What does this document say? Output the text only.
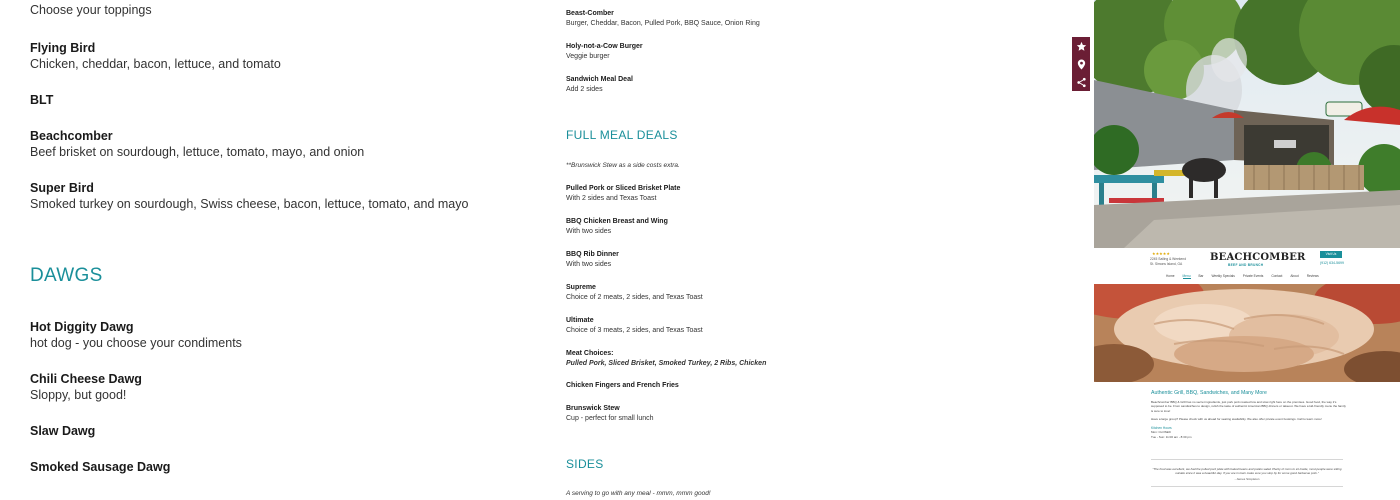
Choose your toppings
Flying Bird
Chicken, cheddar, bacon, lettuce, and tomato
BLT
Beachcomber
Beef brisket on sourdough, lettuce, tomato, mayo, and onion
Super Bird
Smoked turkey on sourdough, Swiss cheese, bacon, lettuce, tomato, and mayo
DAWGS
Hot Diggity Dawg
hot dog - you choose your condiments
Chili Cheese Dawg
Sloppy, but good!
Slaw Dawg
Smoked Sausage Dawg
Beast-Comber
Burger, Cheddar, Bacon, Pulled Pork, BBQ Sauce, Onion Ring
Holy-not-a-Cow Burger
Veggie burger
Sandwich Meal Deal
Add 2 sides
FULL MEAL DEALS
**Brunswick Stew as a side costs extra.
Pulled Pork or Sliced Brisket Plate
With 2 sides and Texas Toast
BBQ Chicken Breast and Wing
With two sides
BBQ Rib Dinner
With two sides
Supreme
Choice of 2 meats, 2 sides, and Texas Toast
Ultimate
Choice of 3 meats, 2 sides, and Texas Toast
Meat Choices:
Pulled Pork, Sliced Brisket, Smoked Turkey, 2 Ribs, Chicken
Chicken Fingers and French Fries
Brunswick Stew
Cup - perfect for small lunch
SIDES
A serving to go with any meal - mmm, mmm good!
★★★★★
2245 Sailing & Weekend
St. Simons Island, GA
BEACHCOMBER
BEEF AND BRUNCH
Visit Us
(912) 634-5699
Home	Menu	Bar	Weekly Specials	Private Events	Contact	About	Reviews
Authentic Grill, BBQ, Sandwiches, and Many More
Beachcomber BBQ & Grill has no secret ingredients, just pork pork roasted low and slow right here on the premises. Good food, the way it's supposed to be. From sandwiches to design, relish the taste of authentic American BBQ dinners or takeout. We have a kid-friendly menu the family is sure to love!
Have a large group? Please check with us ahead for seating availability. We also offer private event bookings. Call to learn more!
Kitchen Hours
Mon: CLOSED
Tue - Sun: 11:00 am - 8:30 pm
"The food was excellent, we had the pulled pork plate with baked beans and potato salad. Plenty of room to sit inside, most people were sitting outside since it was a beautiful day. If you are in town make sure you stop by for some good barbecue pork."
- James Simpleton
